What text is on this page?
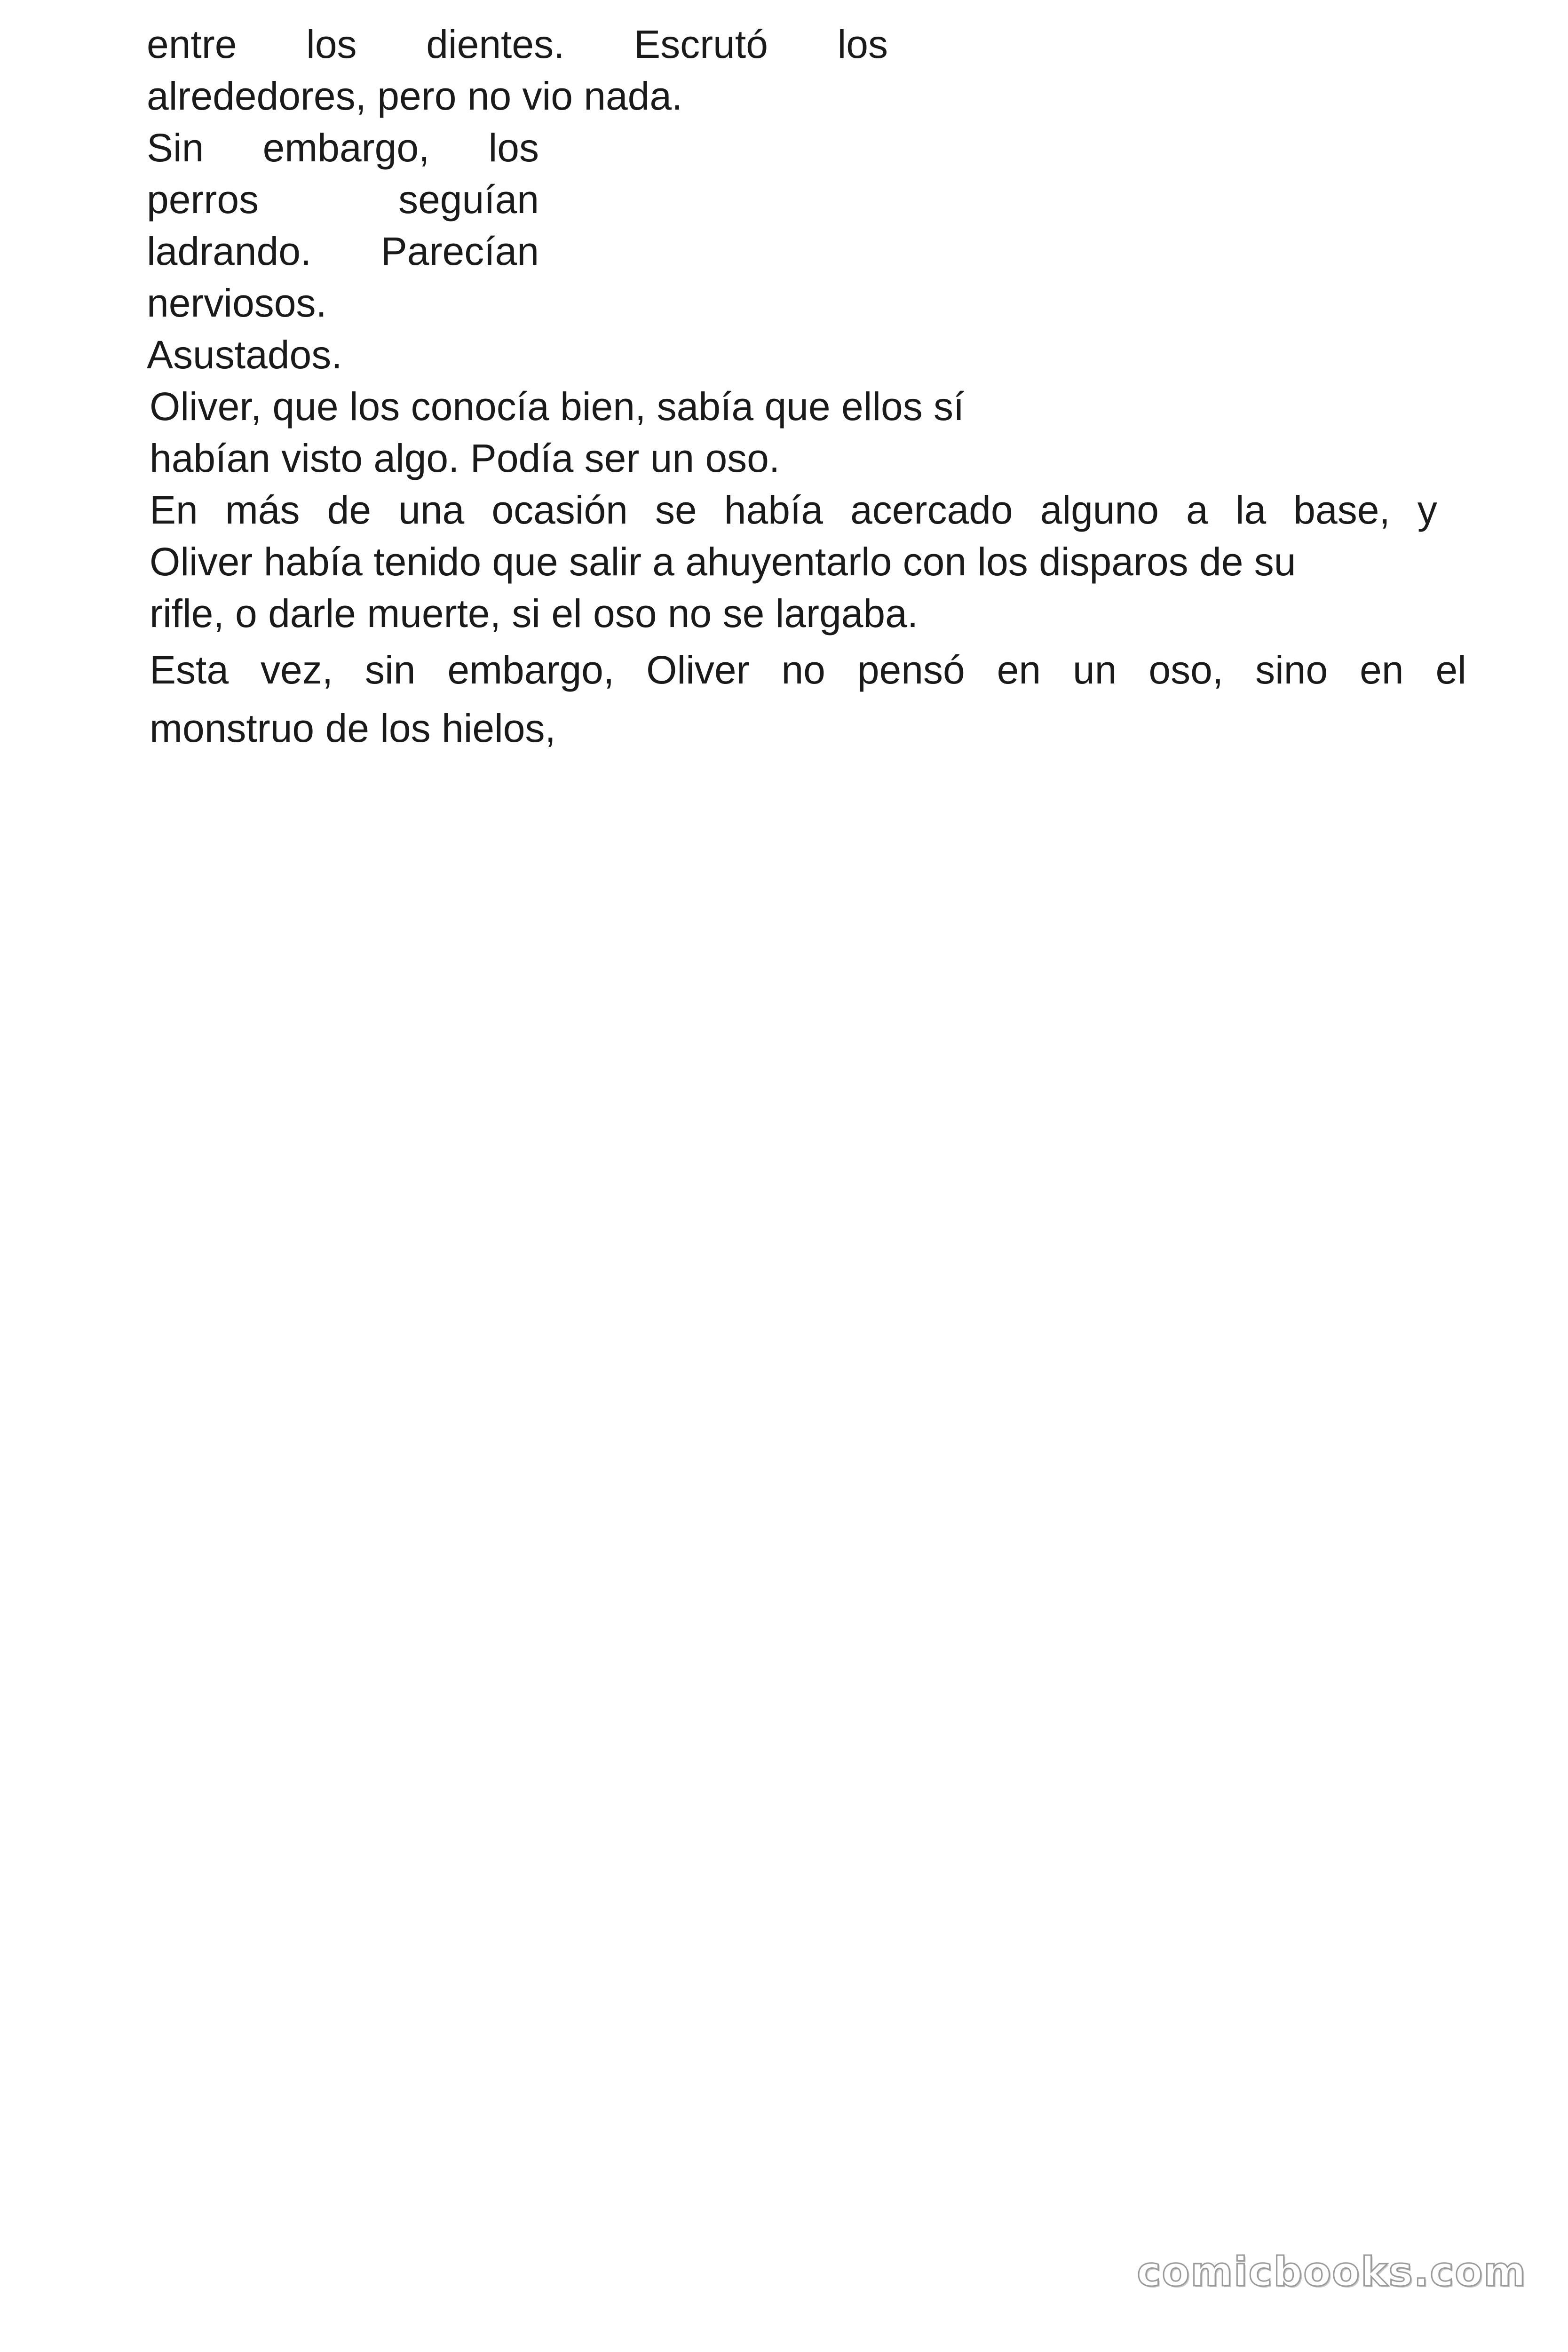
entre los dientes. Escrutó los
alrededores, pero no vio nada.
Sin embargo, los
perros	seguían
ladrando. Parecían
nerviosos.
Asustados.
Oliver, que los conocía bien, sabía que ellos sí
habían visto algo. Podía ser un oso.
En más de una ocasión se había acercado alguno a la base, y
Oliver había tenido que salir a ahuyentarlo con los disparos de su
rifle, o darle muerte, si el oso no se largaba.
Esta vez, sin embargo, Oliver no pensó en un oso, sino en el
monstruo de los hielos,
comicbooks.com
